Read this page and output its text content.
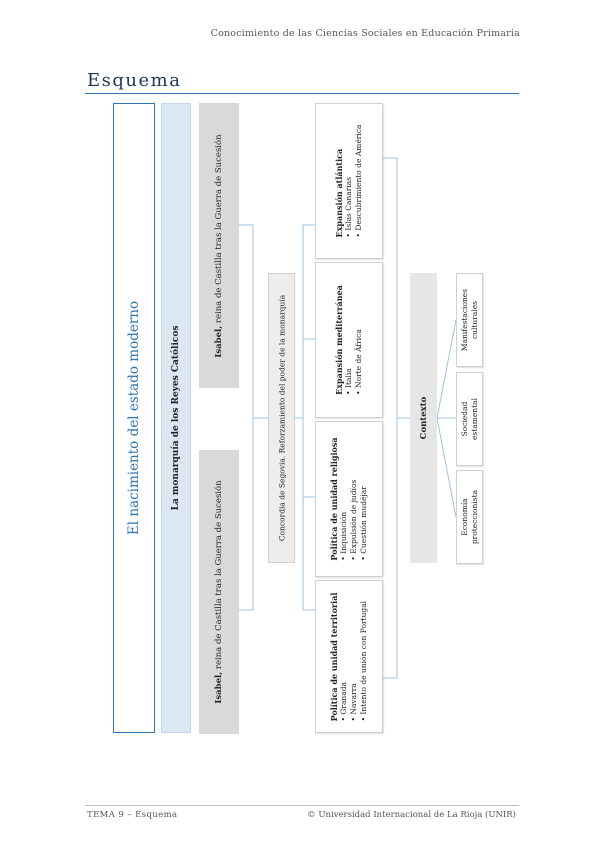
Conocimiento de las Ciencias Sociales en Educación Primaria
Esquema
El nacimiento del estado moderno	La monarquía de los Reyes Católicos	Isabel, reina de Castilla tras la Guerra de Sucesión
Isabel, reina de Castilla tras la Guerra de Sucesión
Concordia de Segovia. Reforzamiento del poder de la monarquía
Expansión atlántica • Islas Canarias • Descubrimiento de América
Expansión mediterránea • Italia • Norte de África
Política de unidad religiosa • Inquisición • Expulsión de judíos • Cuestión mudéjar
Política de unidad territorial • Granada • Navarra • Intento de unión con Portugal
Contexto
Manifestaciones culturales
Sociedad estamental
Economía proteccionista
TEMA 9 – Esquema	© Universidad Internacional de La Rioja (UNIR)
